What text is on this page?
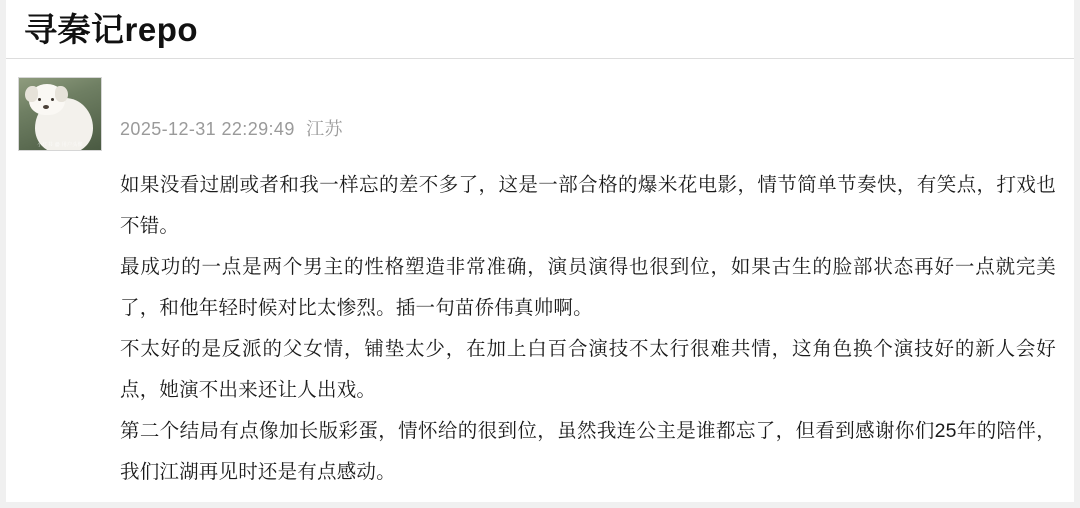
寻秦记repo
小红书 @ 用户头像
2025-12-31 22:29:49 江苏

如果没看过剧或者和我一样忘的差不多了，这是一部合格的爆米花电影，情节简单节奏快，有笑点，打戏也不错。

最成功的一点是两个男主的性格塑造非常准确，演员演得也很到位，如果古生的脸部状态再好一点就完美了，和他年轻时候对比太惨烈。插一句苗侨伟真帅啊。

不太好的是反派的父女情，铺垫太少，在加上白百合演技不太行很难共情，这角色换个演技好的新人会好点，她演不出来还让人出戏。

第二个结局有点像加长版彩蛋，情怀给的很到位，虽然我连公主是谁都忘了，但看到感谢你们25年的陪伴，我们江湖再见时还是有点感动。
